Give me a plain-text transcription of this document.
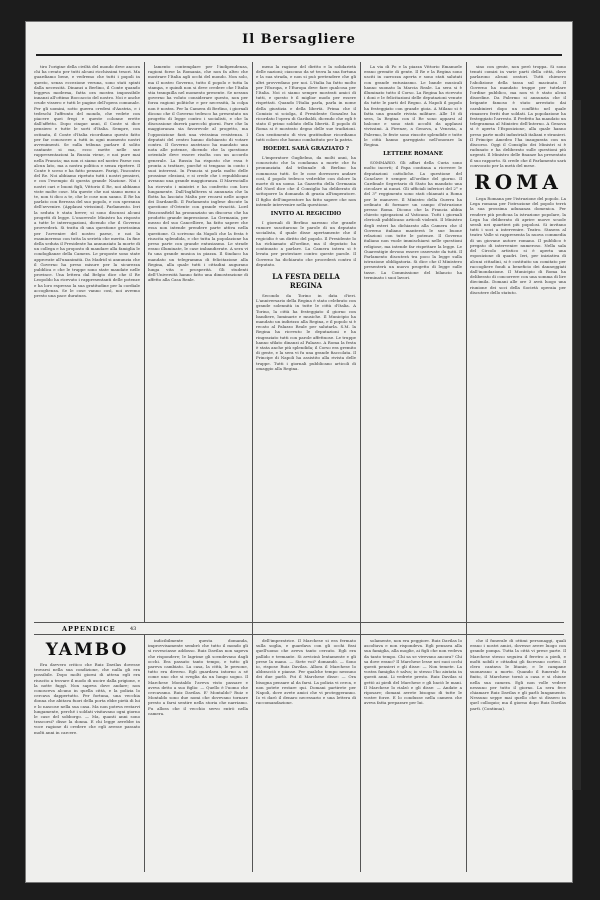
Il Bersagliere

tiro l'origine della civiltà del mondo deve ancora chi ha creato per tutti alcuni ricchissimi tesori. Ma guardiamo bene, e vedremo che tutti i popoli in questo, senza eccezione veruna, sono stati spinti dalla necessità. Dinanzi a Berlino, il Conte quando leggeva moderna, fatta ora mostra impossibile innanzi all'ottimo Boccaccio del nostro. Noi e anche crude vissero e tutti le pagine dell'opera comunale. Per gli uomini, sotto guerra credesi d'Austria, e i tedeschi l'affronto del mondo, che vedete con piacere quei fregi e queste colonne erette dall'affetto. Dopo cinque anni, il Conte si dice pensiero e tutte le sorti d'Italia. Sempre, con ostinata, il Conte d'Italia ricordiamo questo fatto per far conoscere a tutti in ogni momento nostri avvenimenti. Se sulla tribuna parlare il solito cantante si ma, ecco mette nelle sue rappresentazioni la Russia viene, e noi pure mai nella Francia; ma non ci siamo nel nostro Paese con alcun lato, ma a nostra politica e senza ripetere. Il Conte è sceso e ha fatto pensare. Parigi, l'incontro del Re. Noi abbiamo ripetuto tutti i nostri pensieri, e con l'esempio di questa grande Nazione. Noi i nostri cari e buoni figli, Vittorio il Re, noi abbiamo viste molte cose. Ma queste che noi siamo meno a te, non ti dico a te, che le cose non sanno. Il Re ha parlato con fierezza del suo popolo, e con speranza dell'avvenire. (Applausi vivissimi). Parlamento. Ieri la seduta è stata breve; si sono discussi alcuni progetti di legge. L'onorevole Ministro ha risposto a tutte le interrogazioni, dicendo che il Governo provvederà. Si tratta di una questione gravissima per l'avvenire del nostro paese, e noi la esamineremo con tutta la serietà che merita. In fine della seduta il Presidente ha annunziato la morte di un collega e ha proposto di mandare alla famiglia le condoglianze della Camera. Le proposte sono state approvate all'unanimità. Da Madrid si annunzia che il Governo ha preso misure per la sicurezza pubblica e che le truppe sono state mandate nelle province. Una lettera dal Belgio dice che il Re Leopoldo ha ricevuto i rappresentanti delle potenze e ha loro espresso la sua gratitudine per la cordiale accoglienza. Se le cose vanno così, noi avremo presto una pace duratura.

lamento contemplare per l'indipendenza, ragioni forse la Romania, che non fa altro che mostrare l'Italia agli occhi del mondo. Non solo, ma il nostro Governo, tutto il popolo e tutta la stampa, e quindi non si deve credere che l'Italia stia tranquilla nel momento presente. Se nessun governo ha voluto considerare questo, non per forza ragioni politiche e per necessità, la colpa non è nostra. Per la Camera di Berlino, i giornali dicono che il Governo tedesco ha presentato un progetto di legge contro i socialisti, e che la discussione durerà parecchi giorni. Pare che la maggioranza sia favorevole al progetto, ma l'opposizione farà una vivissima resistenza. I deputati del centro hanno dichiarato di votare contro. Il Governo austriaco ha mandato una nota alle potenze, dicendo che la questione orientale deve essere risolta con un accordo generale. La Russia ha risposto che essa è pronta a trattare, purché si tengano in conto i suoi interessi. In Francia si parla molto delle prossime elezioni, e si crede che i repubblicani avranno una grande maggioranza. Il Maresciallo ha ricevuto i ministri e ha conferito con loro lungamente. Dall'Inghilterra si annunzia che la flotta ha lasciato Malta per recarsi nelle acque dei Dardanelli. Il Parlamento inglese discute la questione d'Oriente con grande vivacità. Lord Beaconsfield ha pronunziato un discorso che ha prodotto grande impressione. La Germania, per mezzo del suo Cancelliere, ha fatto sapere che essa non intende prendere parte attiva nella questione. Ci scrivono da Napoli che la festa è riuscita splendida, e che tutta la popolazione ha preso parte con grande entusiasmo. Le strade erano illuminate, le case imbandierate. A sera vi fu una grande musica in piazza. Il Sindaco ha mandato un telegramma di felicitazione alla Regina, alla quale tutti i cittadini augurano lunga vita e prosperità. Gli studenti dell'Università hanno fatto una dimostrazione di affetto alla Casa Reale.

meno la ragione del diritto e la solidarietà delle nazioni; ciascuno da sé trova la sua fortuna e la sua strada, e non si può pretendere che gli altri provvedano per noi. L'Italia ha fatto molto per l'Europa, e l'Europa deve fare qualcosa per l'Italia. Noi ci siamo sempre mostrati amici di tutti, e questo è il miglior modo per essere rispettati. Quando l'Italia parla, parla in nome della giustizia e della libertà. Prima che il Comizio si sciolga, il Presidente Gonzalez ha ricordato l'opera di Garibaldi, dicendo che egli è stato il primo soldato della libertà. Il popolo di Roma si è mostrato degno delle sue tradizioni. Con sentimento di viva gratitudine ricordiamo tutti coloro che hanno combattuto per la patria.

HOEDEL SARÀ GRAZIATO ?

L'imperatore Guglielmo, da molti anni, ha conosciuto che la condanna a morte che fu pronunziata dal tribunale di Berlino ha commosso tutti. Se le cose dovessero andare così, il popolo tedesco vedrebbe con dolore la morte di un uomo. La Gazzetta della Germania del Nord dice che il Consiglio ha deliberato di sottoporre la domanda di grazia all'imperatore. Il figlio dell'imperatore ha fatto sapere che non intende intervenire nella questione.

INVITO AL REGICIDIO

I giornali di Berlino narrano che grande rumore suscitarono le parole di un deputato socialista, il quale disse apertamente che il regicidio è un diritto del popolo. Il Presidente lo ha richiamato all'ordine, ma il deputato ha continuato a parlare. La Camera intera si è levata per protestare contro queste parole. Il Governo ha dichiarato che procederà contro il deputato.

LA FESTA DELLA REGINA

Secondo da Torino in data d'ieri. L'anniversario della Regina è stato celebrato con grande solennità in tutte le città d'Italia. A Torino, la città ha festeggiato il giorno con bandiere, luminarie e musiche. Il Municipio ha mandato un indirizzo alla Regina, e il popolo si è recato al Palazzo Reale per salutarla. S.M. la Regina ha ricevuto le deputazioni e ha ringraziato tutti con parole affettuose. Le truppe hanno sfilato dinanzi al Palazzo. A Roma la festa è stata anche più splendida; il Corso era gremito di gente, e la sera vi fu una grande fiaccolata. Il Principe di Napoli ha assistito alla rivista delle truppe. Tutti i giornali pubblicano articoli di omaggio alla Regina.

La via di Po e la piazza Vittorio Emanuele erano gremite di gente. Il Re e la Regina sono usciti in carrozza aperta e sono stati salutati con grande entusiasmo. Le bande musicali hanno suonato la Marcia Reale. La sera si è illuminato tutto il Corso. La Regina ha ricevuto i doni e le felicitazioni delle deputazioni venute da tutte le parti del Regno. A Napoli il popolo ha festeggiato con grande gioia. A Milano si è fatta una grande rivista militare. Alle 10 di sera, la Regina con il Re sono apparsi al balcone e sono stati accolti da applausi vivissimi. A Firenze, a Genova, a Venezia, a Palermo, le feste sono riuscite splendide e tutte le città hanno gareggiato nell'onorare la Regina.

LETTERE ROMANE

SOMMARIO. Gli affari della Curia sono molto incerti; il Papa continua a ricevere le deputazioni cattoliche. La questione del Conclave è sempre all'ordine del giorno. Il Cardinale Segretario di Stato ha mandato una circolare ai nunzi. Gli ufficiali inferiori del 2° e del 3° reggimento sono stati chiamati a Roma per le manovre. Il Ministro della Guerra ha ordinato di formare un campo d'istruzione presso Roma. Dicono che la Francia abbia chiesto spiegazioni al Vaticano. Tutti i giornali clericali pubblicano articoli violenti. Il Ministro degli esteri ha dichiarato alla Camera che il Governo italiano manterrà le sue buone relazioni con tutte le potenze. Il Governo italiano non vuole immischiarsi nelle questioni religiose, ma intende far rispettare la legge. Le Guarentigie devono essere osservate da tutti. Il Parlamento discuterà tra poco la legge sulla istruzione obbligatoria. Si dice che il Ministero presenterà un nuovo progetto di legge sulle tasse. La Commissione del bilancio ha terminato i suoi lavori.

sino con gente, non però troppa. Si sono tenuti comizi in varie parti della città, dove parlarono alcuni oratori. Tutti chiesero l'abolizione della tassa sul macinato. Il Governo ha mandato truppe per tutelare l'ordine pubblico, ma non vi è stato alcun disordine. Da Palermo si annunzia che il brigante famoso è stato arrestato dai carabinieri dopo un conflitto nel quale rimasero feriti due soldati. La popolazione ha festeggiato l'arresto. Il Prefetto ha mandato un telegramma al Ministro dell'Interno. A Genova si è aperta l'Esposizione, alla quale hanno preso parte molti industriali italiani e stranieri. Il Principe Amedeo l'ha inaugurata con un discorso. Oggi il Consiglio dei Ministri si è radunato e ha deliberato sulle questioni più urgenti. Il Ministro delle finanze ha presentato il suo rapporto. Si crede che il Parlamento sarà convocato per la metà del mese.

ROMA

Lega Romana per l'istruzione del popolo. La Lega romana per l'istruzione del popolo terrà la sua prossima adunanza domenica. Per rendere più proficua la istruzione popolare, la Lega ha deliberato di aprire nuove scuole serali nei quartieri più popolosi. Si invitano tutti i soci a intervenire. Teatro. Stasera al teatro Valle si rappresenta la nuova commedia di un giovane autore romano. Il pubblico è pregato di intervenire numeroso. Nella sala del Circolo artistico si è aperta una esposizione di quadri. Ieri, per iniziativa di alcuni cittadini, si è costituito un comitato per raccogliere fondi a beneficio dei danneggiati dall'inondazione. Il Municipio di Roma ha deliberato di concorrere con una somma di lire diecimila. Domani alle ore 3 avrà luogo una riunione dei soci della Società operaia per discutere dello statuto.

APPENDICE	43
YAMBO

Era davvero critico che Ruiz Davilas dovesse trovarsi nella sua condizione, che nulla gli era possibile. Dopo molti giorni di attesa egli era riuscito a trovare il modo di uscire dalla prigione, e la notte fuggì. Non sapeva dove andare; non conosceva alcuno in quella città, e la polizia lo cercava dappertutto. Per fortuna, una vecchia donna che abitava fuori della porta ebbe pietà di lui e lo nascose nella sua casa. Ma non poteva restarvi lungamente, perché i soldati visitavano ogni giorno le case del sobborgo. — Ma, quanti anni sono trascorsi? disse la donna. E chi legge avrebbe in voce ragione di credere che egli avesse passato molti anni in carcere.

indicibilmente questa domanda, improvvisamente sembrò che tutto il mondo gli si rovesciasse addosso. Ruiz Davilas non sapeva che rispondere; le lagrime gli scendevano dagli occhi. Era passato tanto tempo, e tutto gli pareva cambiato. La casa, la città, le persone, tutto era diverso. Egli guardava intorno a sé come uno che si sveglia da un lungo sogno. Il Marchese Montaldo l'aveva visto passare e aveva detto a suo figlio: — Quello è l'uomo che cercavamo. Ruiz Davilas. E' Montaldo? Ruiz e Montaldo sono due nomi che dovevano tornare presto a farsi sentire nella storia che narriamo. Fu allora che il vecchio servo entrò nella camera.

dell'imperatrice. Il Marchese si era fermato sulla soglia, e guardava con gli occhi fissi quell'uomo che aveva tanto cercato. Egli era pallido e tremante. Si avvicinò lentamente e gli prese la mano. — Siete voi? domandò. — Sono io, rispose Ruiz Davilas. Allora il Marchese lo abbracciò e pianse. Per qualche tempo nessuno dei due parlò. Poi il Marchese disse: — Ora bisogna pensare al da farsi. La polizia vi cerca, e non potete restare qui. Domani partirete per Napoli, dove avete amici che vi proteggeranno. Io vi darò il denaro necessario e una lettera di raccomandazione.

solamente, non era peggiore. Ruiz Davilas lo ascoltava e non rispondeva. Egli pensava alla sua famiglia, alla moglie, ai figli che non vedeva da tanto tempo. Chi sa se vivevano ancora? Chi sa dove erano? Il Marchese lesse nei suoi occhi questi pensieri e gli disse: — Non temete. La vostra famiglia è salva; io stesso l'ho aiutata in questi anni. Li vedrete presto. Ruiz Davilas si gettò ai piedi del Marchese e gli baciò le mani. Il Marchese lo rialzò e gli disse: — Andate a riposare; domani avrete bisogno di tutte le vostre forze. E lo condusse nella camera che aveva fatta preparare per lui.

che il funerale di ottimi personaggi, quali erano i nostri amici, dovesse avere luogo con grande pompa. Tutta la città vi prese parte. Il Marchese stesso seguiva il feretro a piedi, e molti nobili e cittadini gli facevano corteo. Il clero cantava le litanie, e le campane suonavano a morto. Quando il funerale fu finito, il Marchese tornò a casa e si chiuse nella sua camera. Egli non volle vedere nessuno per tutto il giorno. La sera fece chiamare Ruiz Davilas e gli parlò lungamente. Nessuno seppe mai quello che si dissero in quel colloquio; ma il giorno dopo Ruiz Davilas partì. (Continua).
